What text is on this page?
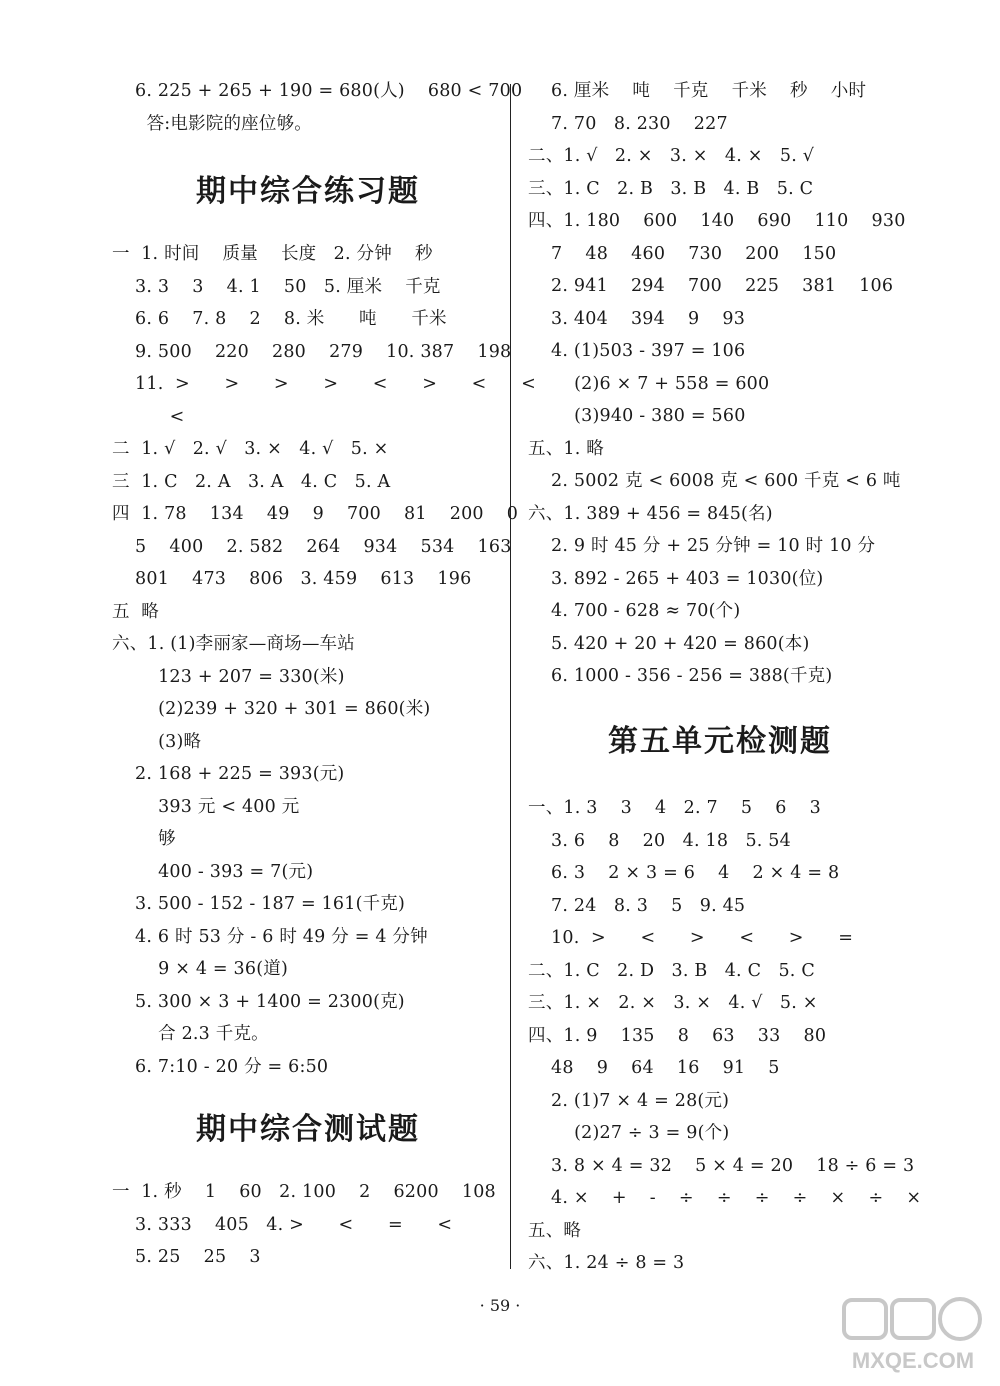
6. 225 + 265 + 190 = 680(人)    680 < 700
答:电影院的座位够。
期中综合练习题
一  1. 时间    质量    长度   2. 分钟    秒
3. 3    3    4. 1    50   5. 厘米    千克
6. 6    7. 8    2    8. 米      吨      千米
9. 500    220    280    279    10. 387    198
11.  >      >      >      >      <      >      <      <
<
二  1. √   2. √   3. ×   4. √   5. ×
三  1. C   2. A   3. A   4. C   5. A
四  1. 78    134    49    9    700    81    200    0
5    400    2. 582    264    934    534    163
801    473    806   3. 459    613    196
五  略
六、1. (1)李丽家—商场—车站
123 + 207 = 330(米)
(2)239 + 320 + 301 = 860(米)
(3)略
2. 168 + 225 = 393(元)
393 元 < 400 元
够
400 - 393 = 7(元)
3. 500 - 152 - 187 = 161(千克)
4. 6 时 53 分 - 6 时 49 分 = 4 分钟
9 × 4 = 36(道)
5. 300 × 3 + 1400 = 2300(克)
合 2.3 千克。
6. 7:10 - 20 分 = 6:50
期中综合测试题
一  1. 秒    1    60   2. 100    2    6200    108
3. 333    405   4. >      <      =      <
5. 25    25    3
6. 厘米    吨    千克    千米    秒    小时
7. 70   8. 230    227
二、1. √   2. ×   3. ×   4. ×   5. √
三、1. C   2. B   3. B   4. B   5. C
四、1. 180    600    140    690    110    930
7    48    460    730    200    150
2. 941    294    700    225    381    106
3. 404    394    9    93
4. (1)503 - 397 = 106
(2)6 × 7 + 558 = 600
(3)940 - 380 = 560
五、1. 略
2. 5002 克 < 6008 克 < 600 千克 < 6 吨
六、1. 389 + 456 = 845(名)
2. 9 时 45 分 + 25 分钟 = 10 时 10 分
3. 892 - 265 + 403 = 1030(位)
4. 700 - 628 ≈ 70(个)
5. 420 + 20 + 420 = 860(本)
6. 1000 - 356 - 256 = 388(千克)
第五单元检测题
一、1. 3    3    4   2. 7    5    6    3
3. 6    8    20   4. 18   5. 54
6. 3    2 × 3 = 6    4    2 × 4 = 8
7. 24   8. 3    5   9. 45
10.  >      <      >      <      >      =
二、1. C   2. D   3. B   4. C   5. C
三、1. ×   2. ×   3. ×   4. √   5. ×
四、1. 9    135    8    63    33    80
48    9    64    16    91    5
2. (1)7 × 4 = 28(元)
(2)27 ÷ 3 = 9(个)
3. 8 × 4 = 32    5 × 4 = 20    18 ÷ 6 = 3
4. ×    +    -    ÷    ÷    ÷    ÷    ×    ÷    ×
五、略
六、1. 24 ÷ 8 = 3
· 59 ·
MXQE.COM
